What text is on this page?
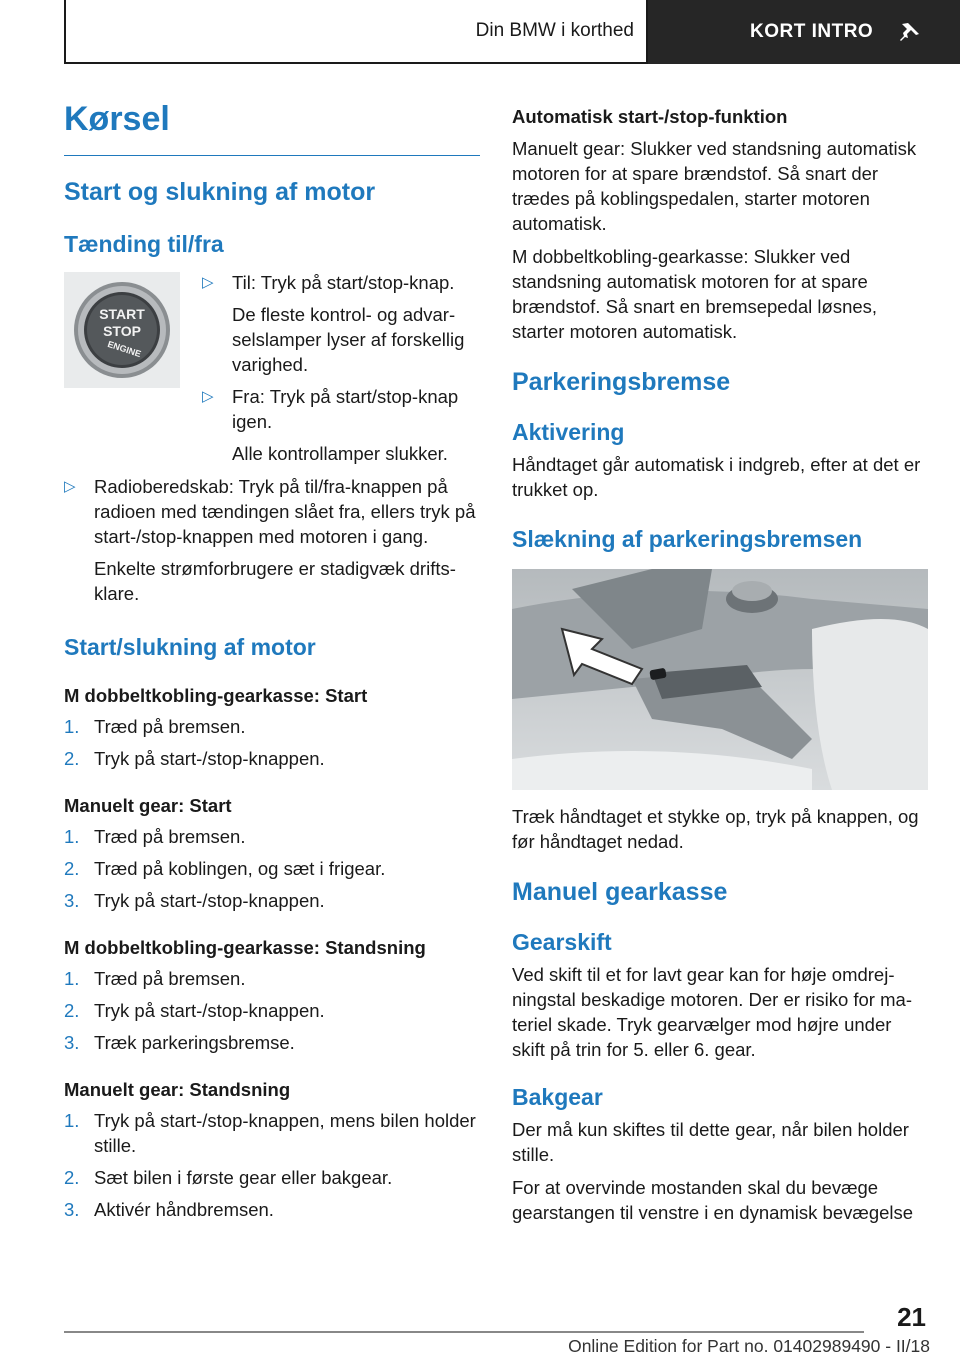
Din BMW i korthed	KORT INTRO
Kørsel
Start og slukning af motor
Tænding til/fra
START
STOP
ENGINE
▷ Til: Tryk på start/stop-knap.

De fleste kontrol- og advarselslamper lyser af forskellig varighed.

▷ Fra: Tryk på start/stop-knap igen.

Alle kontrollamper slukker.

▷ Radioberedskab: Tryk på til/fra-knappen på radioen med tændingen slået fra, ellers tryk på start-/stop-knappen med motoren i gang.

Enkelte strømforbrugere er stadigvæk driftsklare.

Start/slukning af motor
M dobbeltkobling-gearkasse: Start
1. Træd på bremsen.
2. Tryk på start-/stop-knappen.
Manuelt gear: Start
1. Træd på bremsen.
2. Træd på koblingen, og sæt i frigear.
3. Tryk på start-/stop-knappen.
M dobbeltkobling-gearkasse: Standsning
1. Træd på bremsen.
2. Tryk på start-/stop-knappen.
3. Træk parkeringsbremse.
Manuelt gear: Standsning
1. Tryk på start-/stop-knappen, mens bilen holder stille.
2. Sæt bilen i første gear eller bakgear.
3. Aktivér håndbremsen.
Automatisk start-/stop-funktion

Manuelt gear: Slukker ved standsning automatisk motoren for at spare brændstof. Så snart der trædes på koblingspedalen, starter motoren automatisk.

M dobbeltkobling-gearkasse: Slukker ved standsning automatisk motoren for at spare brændstof. Så snart en bremsepedal løsnes, starter motoren automatisk.

Parkeringsbremse
Aktivering

Håndtaget går automatisk i indgreb, efter at det er trukket op.

Slækning af parkeringsbremsen

Træk håndtaget et stykke op, tryk på knappen, og før håndtaget nedad.

Manuel gearkasse
Gearskift

Ved skift til et for lavt gear kan for høje omdrejningstal beskadige motoren. Der er risiko for materiel skade. Tryk gearvælger mod højre under skift på trin for 5. eller 6. gear.

Bakgear

Der må kun skiftes til dette gear, når bilen holder stille.

For at overvinde mostanden skal du bevæge gearstangen til venstre i en dynamisk bevægelse

21
Online Edition for Part no. 01402989490 - II/18
